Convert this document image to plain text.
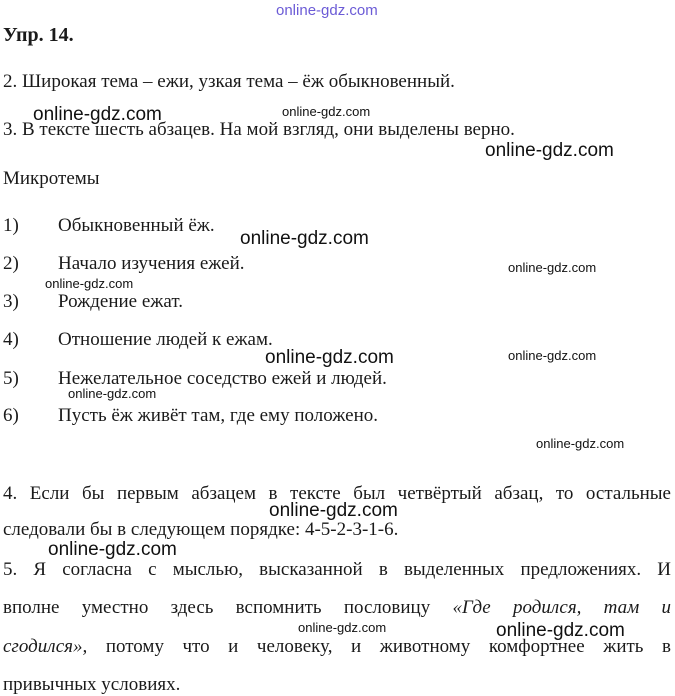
online-gdz.com
Упр. 14.
2. Широкая тема – ежи, узкая тема – ёж обыкновенный.
3. В тексте шесть абзацев. На мой взгляд, они выделены верно.
Микротемы
1) Обыкновенный ёж.
2) Начало изучения ежей.
3) Рождение ежат.
4) Отношение людей к ежам.
5) Нежелательное соседство ежей и людей.
6) Пусть ёж живёт там, где ему положено.
4. Если бы первым абзацем в тексте был четвёртый абзац, то остальные
следовали бы в следующем порядке: 4-5-2-3-1-6.
5. Я согласна с мыслью, высказанной в выделенных предложениях. И
вполне уместно здесь вспомнить пословицу «Где родился, там и
сгодился», потому что и человеку, и животному комфортнее жить в
привычных условиях.
online-gdz.com	online-gdz.com
online-gdz.com
online-gdz.com
online-gdz.com
online-gdz.com
online-gdz.com	online-gdz.com
online-gdz.com
online-gdz.com
online-gdz.com
online-gdz.com
online-gdz.com	online-gdz.com
